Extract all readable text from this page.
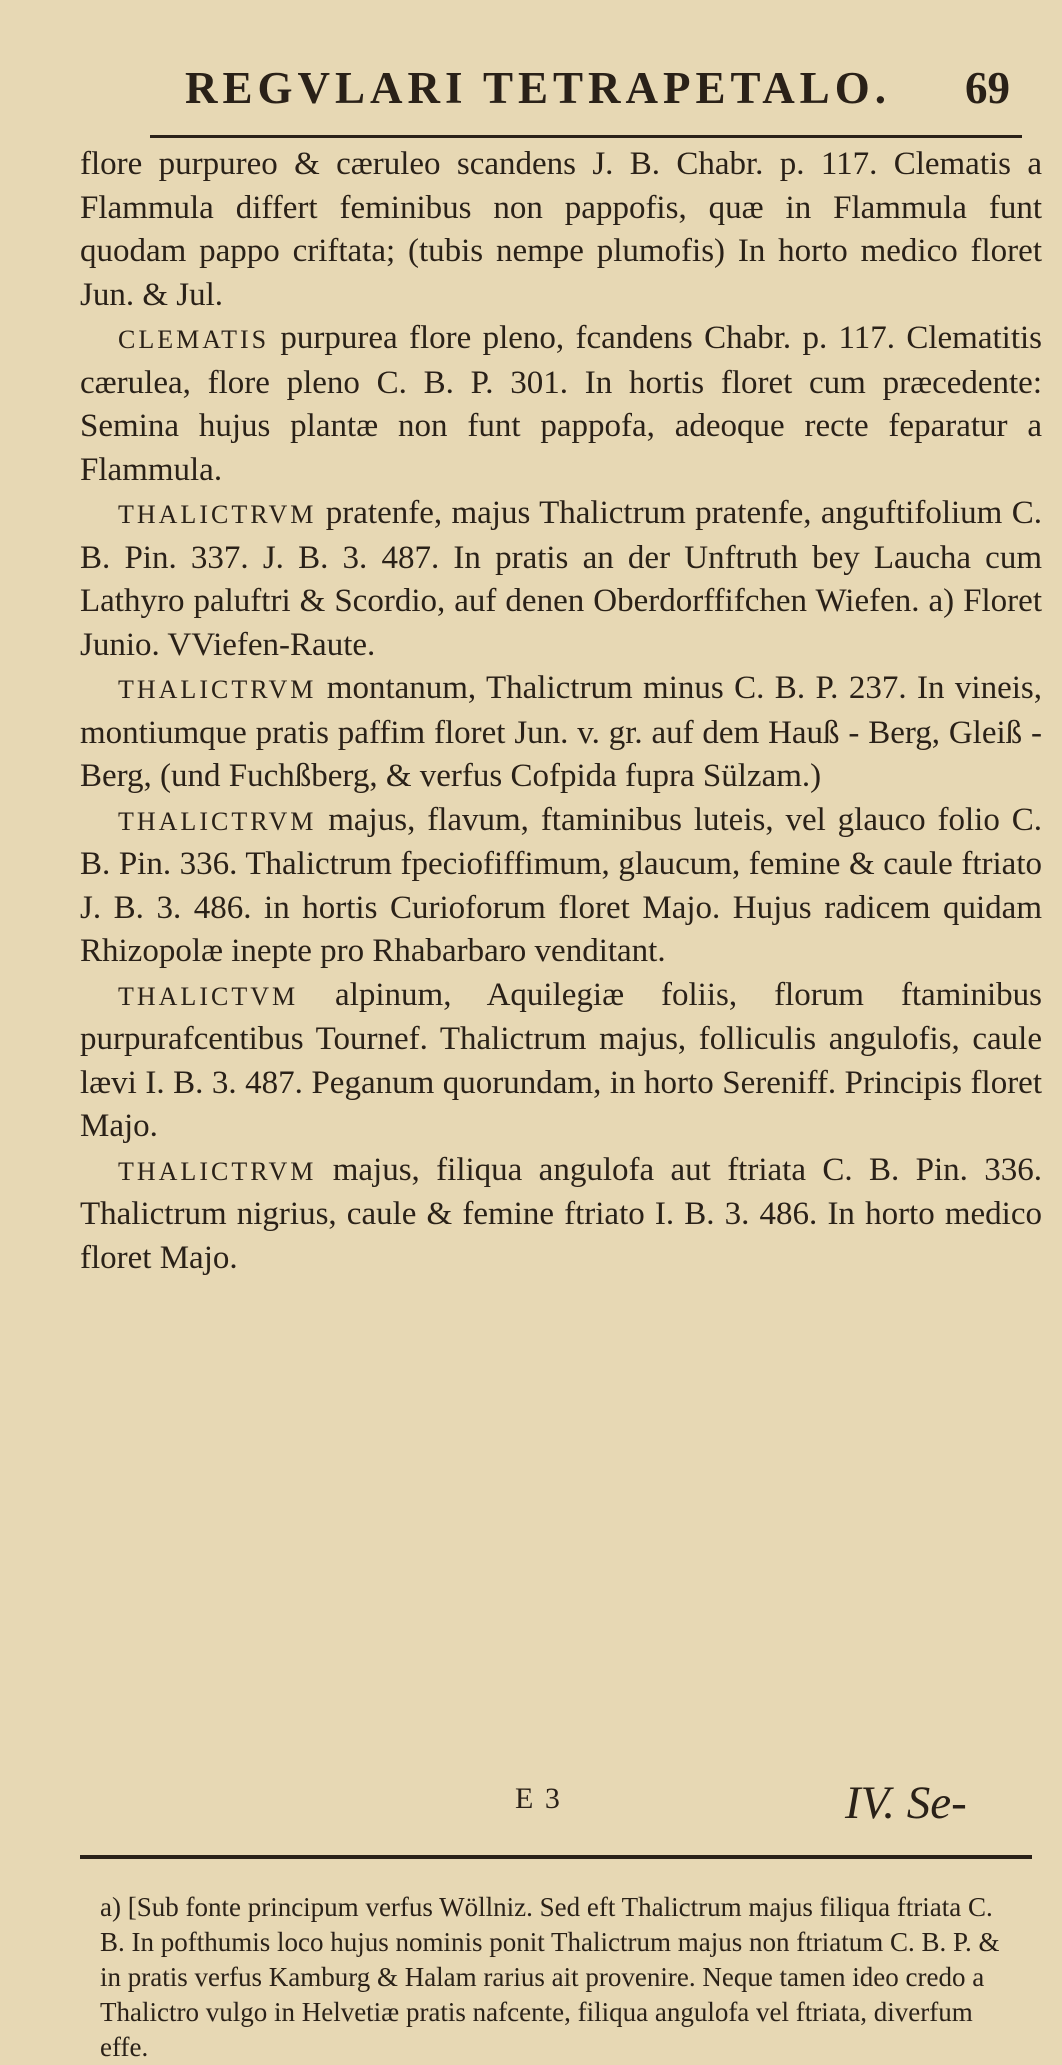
REGVLARI TETRAPETALO. 69

flore purpureo & cæruleo scandens J. B. Chabr. p. 117. Clematis a Flammula differt feminibus non pappofis, quæ in Flammula funt quodam pappo criftata; (tubis nempe plumofis) In horto medico floret Jun. & Jul.

CLEMATIS purpurea flore pleno, fcandens Chabr. p. 117. Clematitis cærulea, flore pleno C. B. P. 301. In hortis floret cum præcedente: Semina hujus plantæ non funt pappofa, adeoque recte feparatur a Flammula.

THALICTRVM pratenfe, majus Thalictrum pratenfe, anguftifolium C. B. Pin. 337. J. B. 3. 487. In pratis an der Unftruth bey Laucha cum Lathyro paluftri & Scordio, auf denen Oberdorffifchen Wiefen. a) Floret Junio. VViefen-Raute.

THALICTRVM montanum, Thalictrum minus C. B. P. 237. In vineis, montiumque pratis paffim floret Jun. v. gr. auf dem Hauß - Berg, Gleiß - Berg, (und Fuchßberg, & verfus Cofpida fupra Sülzam.)

THALICTRVM majus, flavum, ftaminibus luteis, vel glauco folio C. B. Pin. 336. Thalictrum fpeciofiffimum, glaucum, femine & caule ftriato J. B. 3. 486. in hortis Curioforum floret Majo. Hujus radicem quidam Rhizopolæ inepte pro Rhabarbaro venditant.

THALICTVM alpinum, Aquilegiæ foliis, florum ftaminibus purpurafcentibus Tournef. Thalictrum majus, folliculis angulofis, caule lævi I. B. 3. 487. Peganum quorundam, in horto Sereniff. Principis floret Majo.

THALICTRVM majus, filiqua angulofa aut ftriata C. B. Pin. 336. Thalictrum nigrius, caule & femine ftriato I. B. 3. 486. In horto medico floret Majo.

E 3	IV. Se-

a) [Sub fonte principum verfus Wöllniz. Sed eft Thalictrum majus filiqua ftriata C. B. In pofthumis loco hujus nominis ponit Thalictrum majus non ftriatum C. B. P. & in pratis verfus Kamburg & Halam rarius ait provenire. Neque tamen ideo credo a Thalictro vulgo in Helvetiæ pratis nafcente, filiqua angulofa vel ftriata, diverfum effe.
